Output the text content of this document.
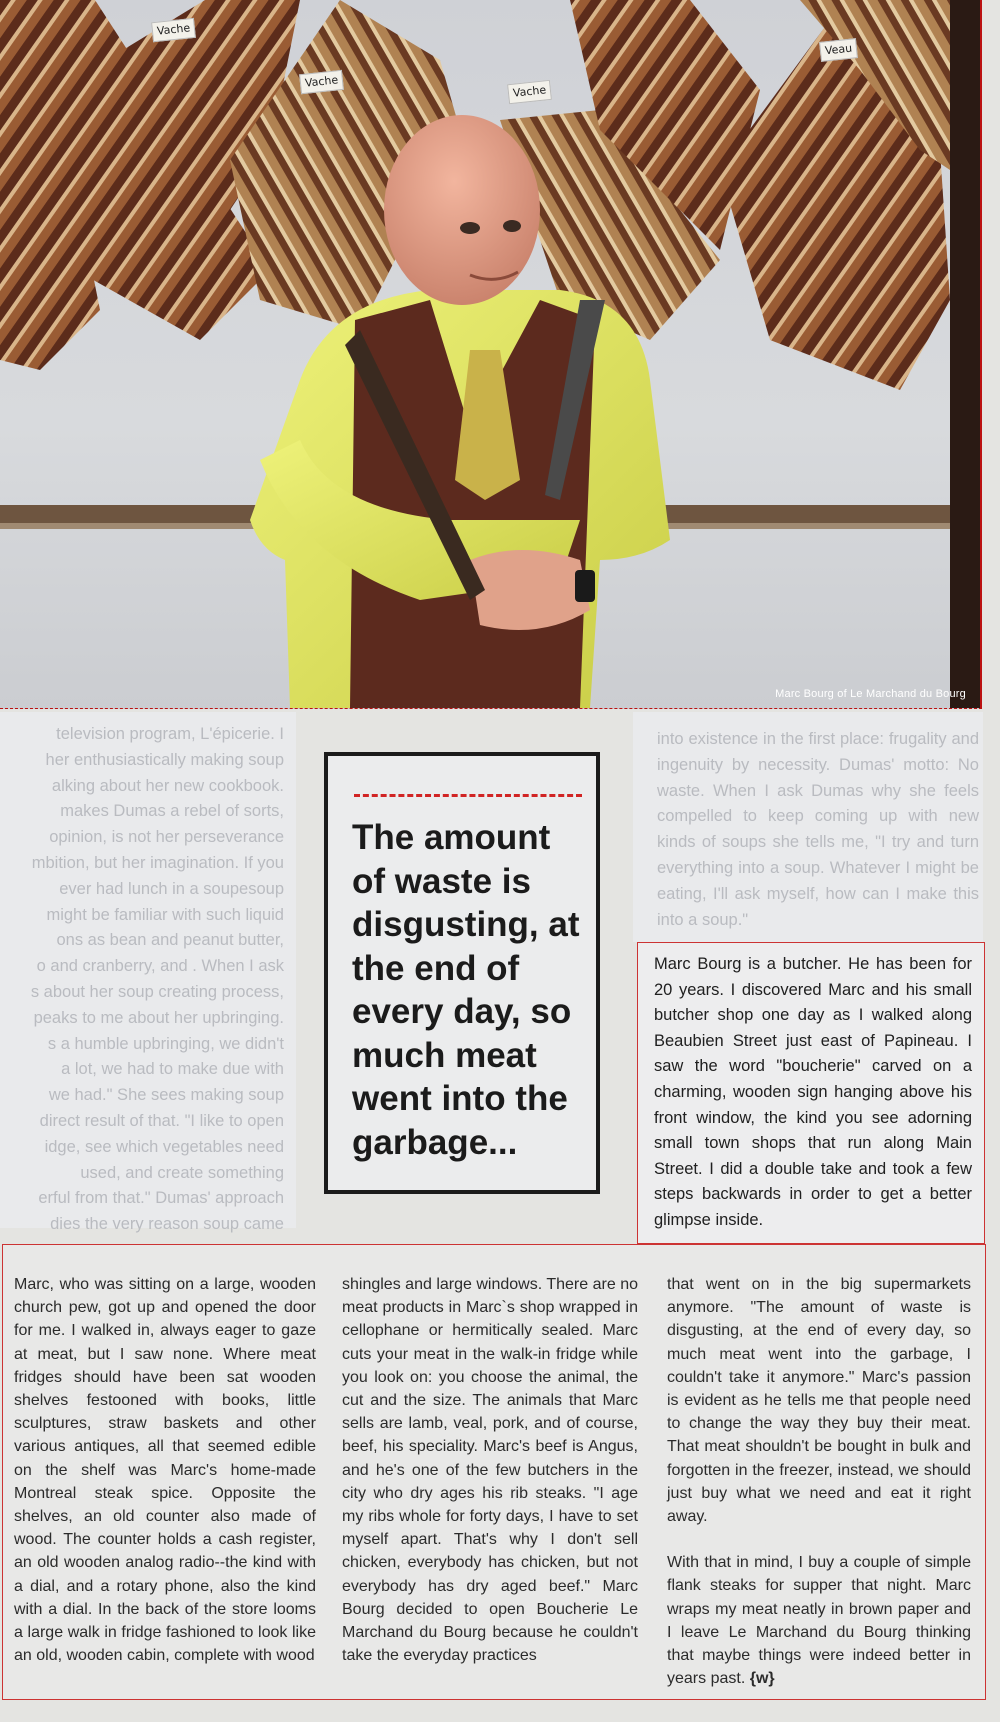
Vache
Vache
Vache
Veau
Marc Bourg of Le Marchand du Bourg
television program, L'épicerie. I
her enthusiastically making soup
alking about her new cookbook.
makes Dumas a rebel of sorts,
opinion, is not her perseverance
mbition, but her imagination. If you
ever had lunch in a soupesoup
might be familiar with such liquid
ons as bean and peanut butter,
o and cranberry, and . When I ask
s about her soup creating process,
peaks to me about her upbringing.
s a humble upbringing, we didn't
a lot, we had to make due with
we had." She sees making soup
direct result of that. "I like to open
idge, see which vegetables need
used, and create something
erful from that." Dumas' approach
dies the very reason soup came
The amount of waste is disgusting, at the end of every day, so much meat went into the garbage...
into existence in the first place: frugality and ingenuity by necessity. Dumas' motto: No waste. When I ask Dumas why she feels compelled to keep coming up with new kinds of soups she tells me, "I try and turn everything into a soup. Whatever I might be eating, I'll ask myself, how can I make this into a soup."

Marc Bourg is a butcher. He has been for 20 years. I discovered Marc and his small butcher shop one day as I walked along Beaubien Street just east of Papineau. I saw the word "boucherie" carved on a charming, wooden sign hanging above his front window, the kind you see adorning small town shops that run along Main Street. I did a double take and took a few steps backwards in order to get a better glimpse inside.

Marc, who was sitting on a large, wooden church pew, got up and opened the door for me. I walked in, always eager to gaze at meat, but I saw none. Where meat fridges should have been sat wooden shelves festooned with books, little sculptures, straw baskets and other various antiques, all that seemed edible on the shelf was Marc's home-made Montreal steak spice. Opposite the shelves, an old counter also made of wood. The counter holds a cash register, an old wooden analog radio--the kind with a dial, and a rotary phone, also the kind with a dial. In the back of the store looms a large walk in fridge fashioned to look like an old, wooden cabin, complete with wood

shingles and large windows. There are no meat products in Marc`s shop wrapped in cellophane or hermitically sealed. Marc cuts your meat in the walk-in fridge while you look on: you choose the animal, the cut and the size. The animals that Marc sells are lamb, veal, pork, and of course, beef, his speciality. Marc's beef is Angus, and he's one of the few butchers in the city who dry ages his rib steaks. "I age my ribs whole for forty days, I have to set myself apart. That's why I don't sell chicken, everybody has chicken, but not everybody has dry aged beef." Marc Bourg decided to open Boucherie Le Marchand du Bourg because he couldn't take the everyday practices

that went on in the big supermarkets anymore. "The amount of waste is disgusting, at the end of every day, so much meat went into the garbage, I couldn't take it anymore." Marc's passion is evident as he tells me that people need to change the way they buy their meat. That meat shouldn't be bought in bulk and forgotten in the freezer, instead, we should just buy what we need and eat it right away.

With that in mind, I buy a couple of simple flank steaks for supper that night. Marc wraps my meat neatly in brown paper and I leave Le Marchand du Bourg thinking that maybe things were indeed better in years past. {w}
